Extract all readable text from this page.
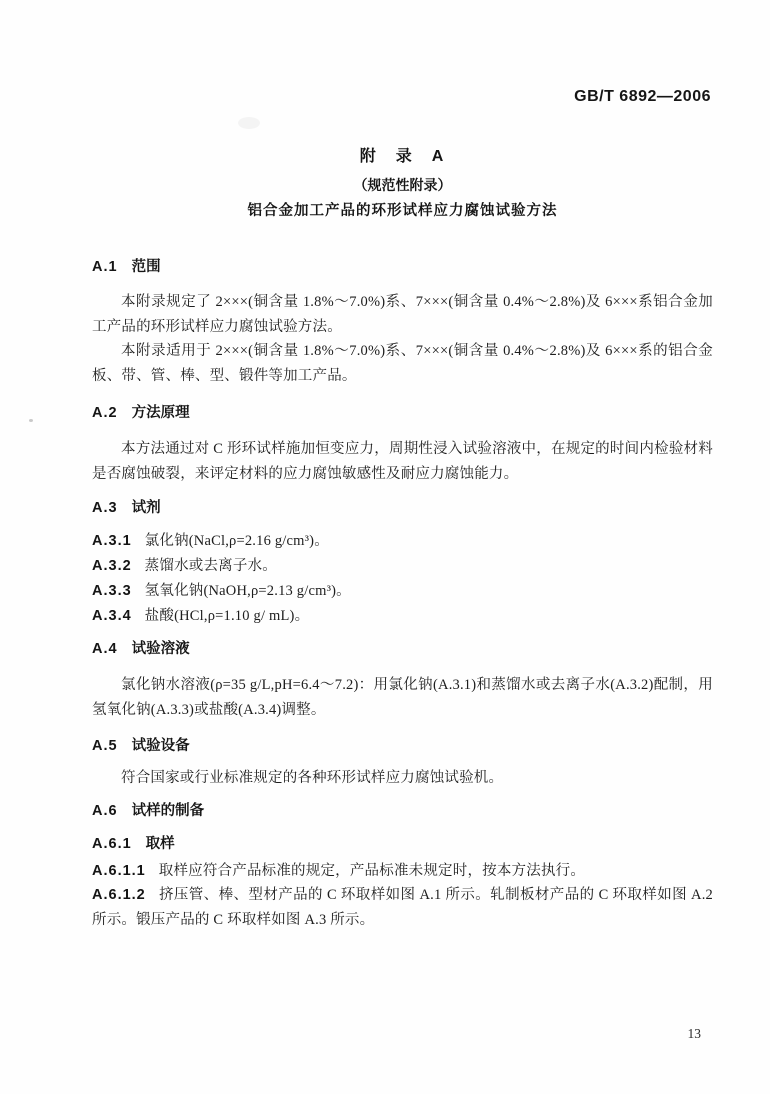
GB/T 6892—2006
附　录　A
（规范性附录）
铝合金加工产品的环形试样应力腐蚀试验方法
A.1 范围

本附录规定了 2×××(铜含量 1.8%～7.0%)系、7×××(铜含量 0.4%～2.8%)及 6×××系铝合金加工产品的环形试样应力腐蚀试验方法。

本附录适用于 2×××(铜含量 1.8%～7.0%)系、7×××(铜含量 0.4%～2.8%)及 6×××系的铝合金板、带、管、棒、型、锻件等加工产品。

A.2 方法原理

本方法通过对 C 形环试样施加恒变应力，周期性浸入试验溶液中，在规定的时间内检验材料是否腐蚀破裂，来评定材料的应力腐蚀敏感性及耐应力腐蚀能力。

A.3 试剂

A.3.1 氯化钠(NaCl,ρ=2.16 g/cm³)。

A.3.2 蒸馏水或去离子水。

A.3.3 氢氧化钠(NaOH,ρ=2.13 g/cm³)。

A.3.4 盐酸(HCl,ρ=1.10 g/ mL)。

A.4 试验溶液

氯化钠水溶液(ρ=35 g/L,pH=6.4～7.2)：用氯化钠(A.3.1)和蒸馏水或去离子水(A.3.2)配制，用氢氧化钠(A.3.3)或盐酸(A.3.4)调整。

A.5 试验设备

符合国家或行业标准规定的各种环形试样应力腐蚀试验机。

A.6 试样的制备
A.6.1 取样

A.6.1.1 取样应符合产品标准的规定，产品标准未规定时，按本方法执行。

A.6.1.2 挤压管、棒、型材产品的 C 环取样如图 A.1 所示。轧制板材产品的 C 环取样如图 A.2 所示。锻压产品的 C 环取样如图 A.3 所示。

13
